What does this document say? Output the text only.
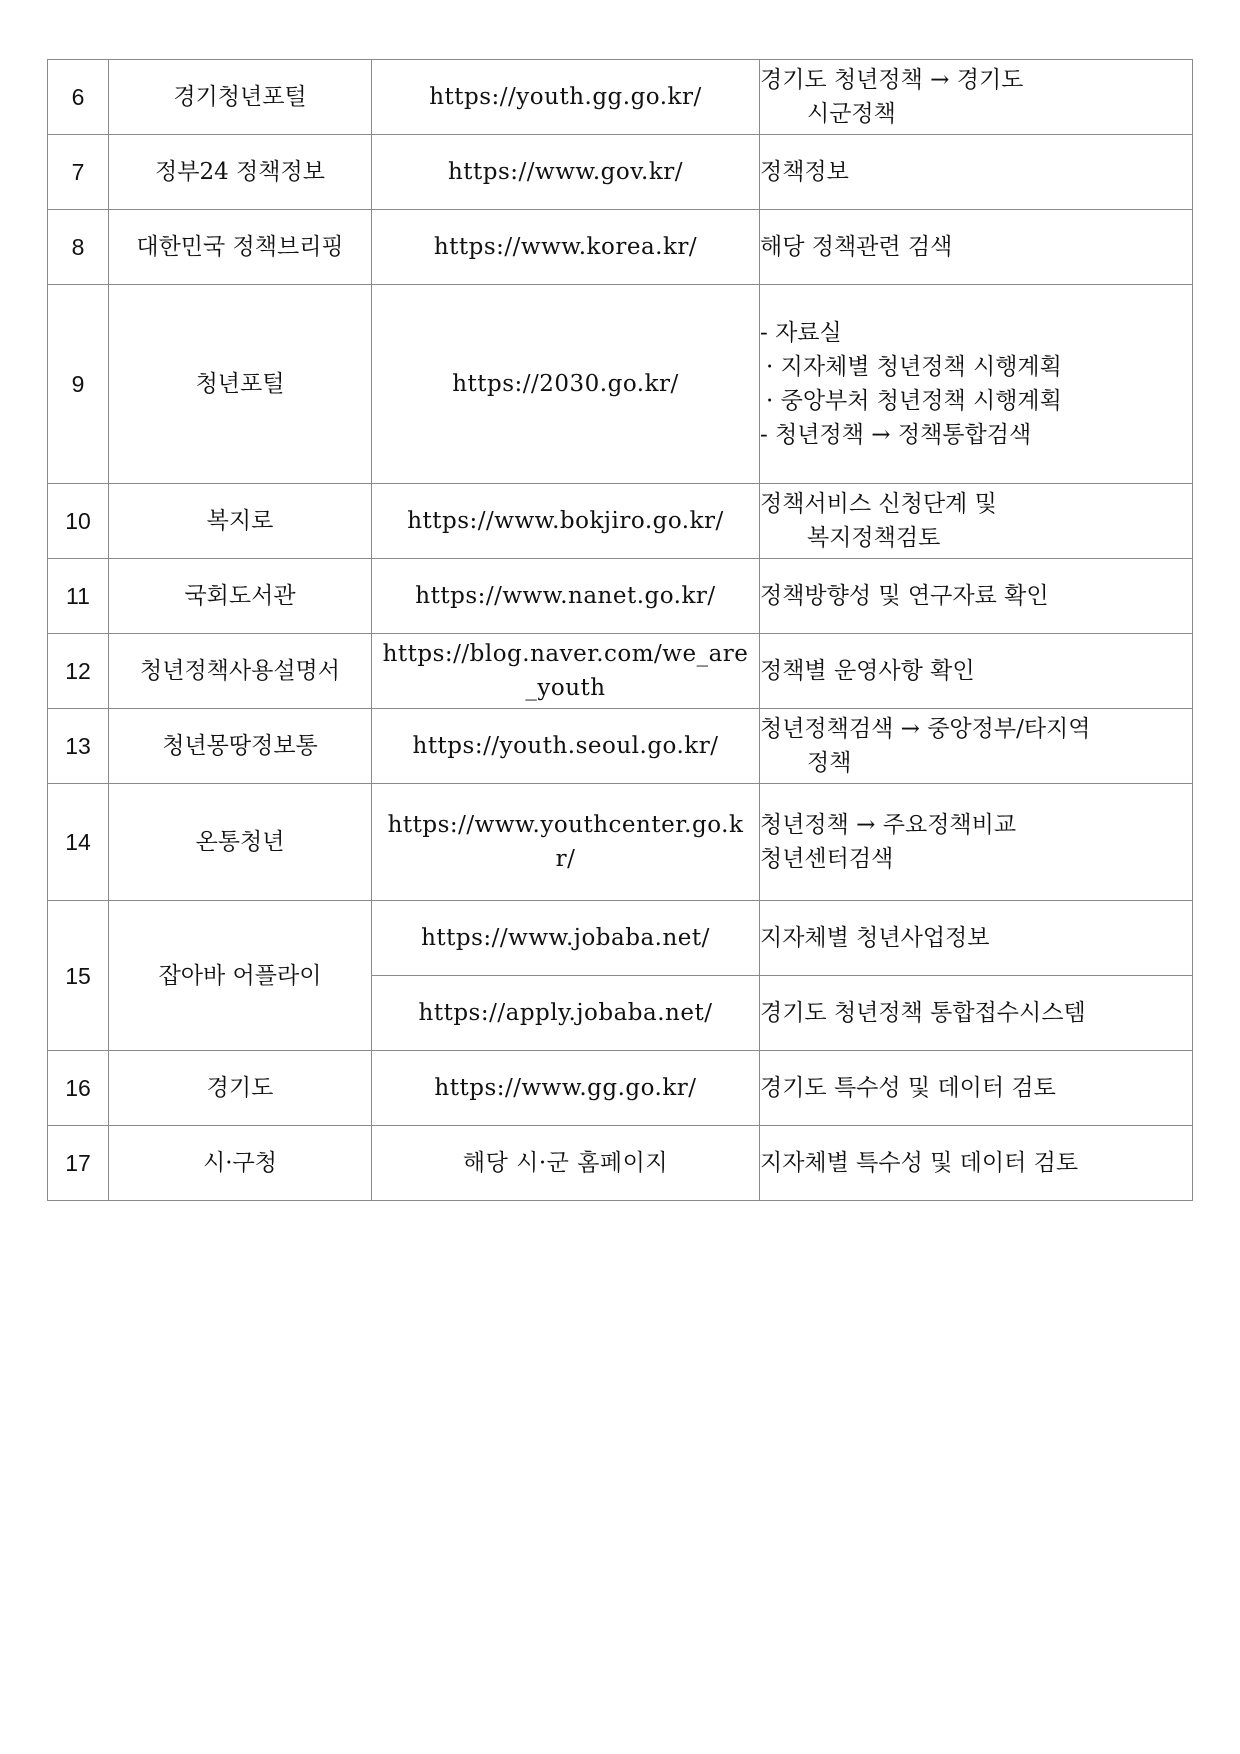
6	경기청년포털	https://youth.gg.go.kr/	경기도 청년정책 → 경기도
시군정책

7	정부24 정책정보	https://www.gov.kr/	정책정보

8	대한민국 정책브리핑	https://www.korea.kr/	해당 정책관련 검색

9	청년포털	https://2030.go.kr/	- 자료실
· 지자체별 청년정책 시행계획
· 중앙부처 청년정책 시행계획
- 청년정책 → 정책통합검색

10	복지로	https://www.bokjiro.go.kr/	정책서비스 신청단계 및
복지정책검토

11	국회도서관	https://www.nanet.go.kr/	정책방향성 및 연구자료 확인

12	청년정책사용설명서	https://blog.naver.com/we_are_youth	정책별 운영사항 확인

13	청년몽땅정보통	https://youth.seoul.go.kr/	청년정책검색 → 중앙정부/타지역
정책

14	온통청년	https://www.youthcenter.go.kr/	청년정책 → 주요정책비교
청년센터검색

15	잡아바 어플라이	https://www.jobaba.net/	지자체별 청년사업정보

		https://apply.jobaba.net/	경기도 청년정책 통합접수시스템

16	경기도	https://www.gg.go.kr/	경기도 특수성 및 데이터 검토

17	시·구청	해당 시·군 홈페이지	지자체별 특수성 및 데이터 검토
